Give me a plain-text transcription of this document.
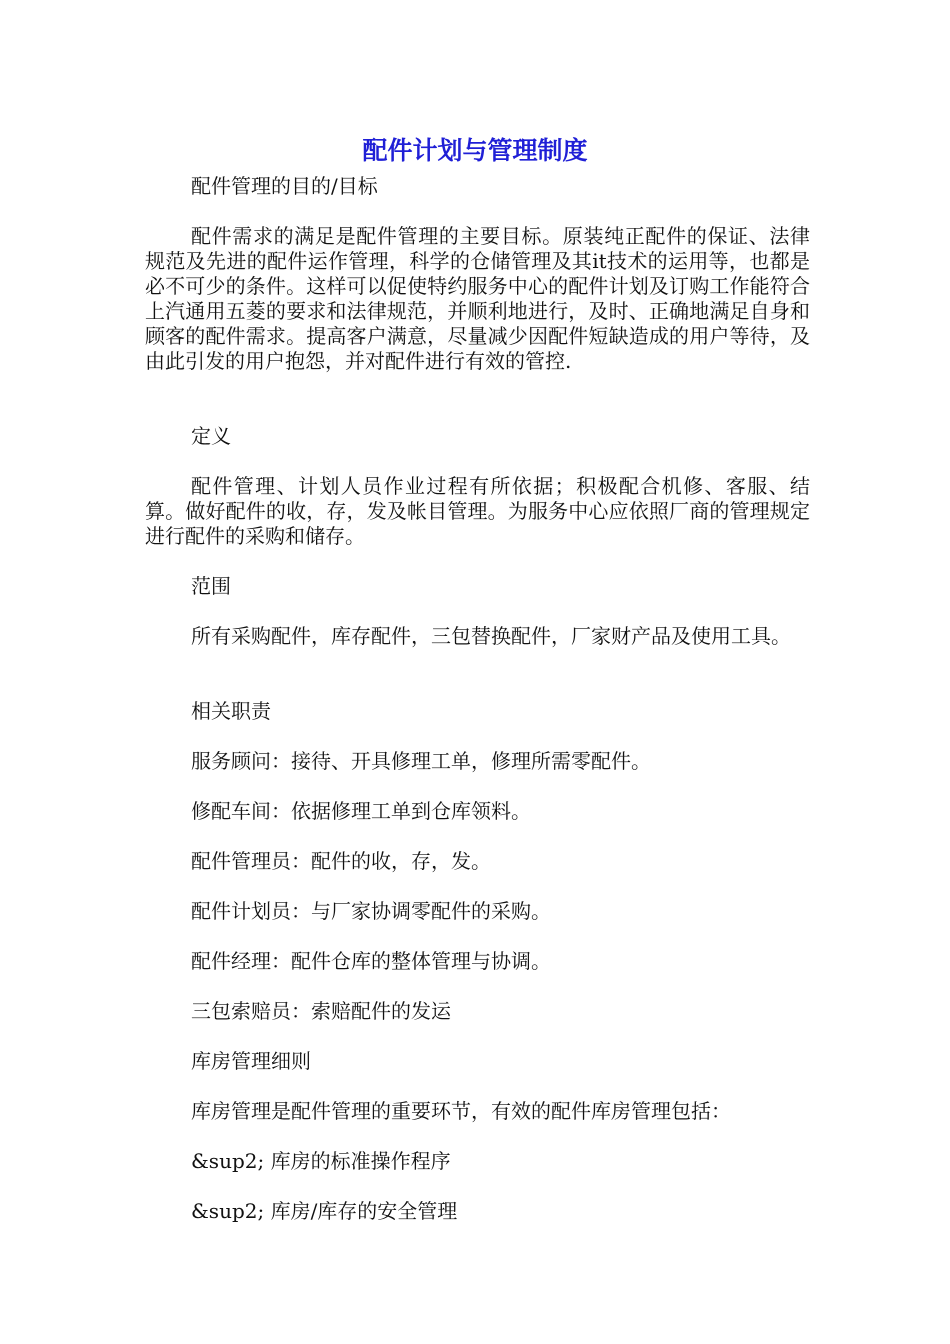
配件计划与管理制度

配件管理的目的/目标

配件需求的满足是配件管理的主要目标。原装纯正配件的保证、法律规范及先进的配件运作管理，科学的仓储管理及其it技术的运用等，也都是必不可少的条件。这样可以促使特约服务中心的配件计划及订购工作能符合上汽通用五菱的要求和法律规范，并顺利地进行，及时、正确地满足自身和顾客的配件需求。提高客户满意，尽量减少因配件短缺造成的用户等待，及由此引发的用户抱怨，并对配件进行有效的管控.

定义

配件管理、计划人员作业过程有所依据；积极配合机修、客服、结算。做好配件的收，存，发及帐目管理。为服务中心应依照厂商的管理规定进行配件的采购和储存。

范围

所有采购配件，库存配件，三包替换配件，厂家财产品及使用工具。

相关职责

服务顾问：接待、开具修理工单，修理所需零配件。

修配车间：依据修理工单到仓库领料。

配件管理员：配件的收，存，发。

配件计划员：与厂家协调零配件的采购。

配件经理：配件仓库的整体管理与协调。

三包索赔员：索赔配件的发运

库房管理细则

库房管理是配件管理的重要环节，有效的配件库房管理包括：

&sup2; 库房的标准操作程序

&sup2; 库房/库存的安全管理
